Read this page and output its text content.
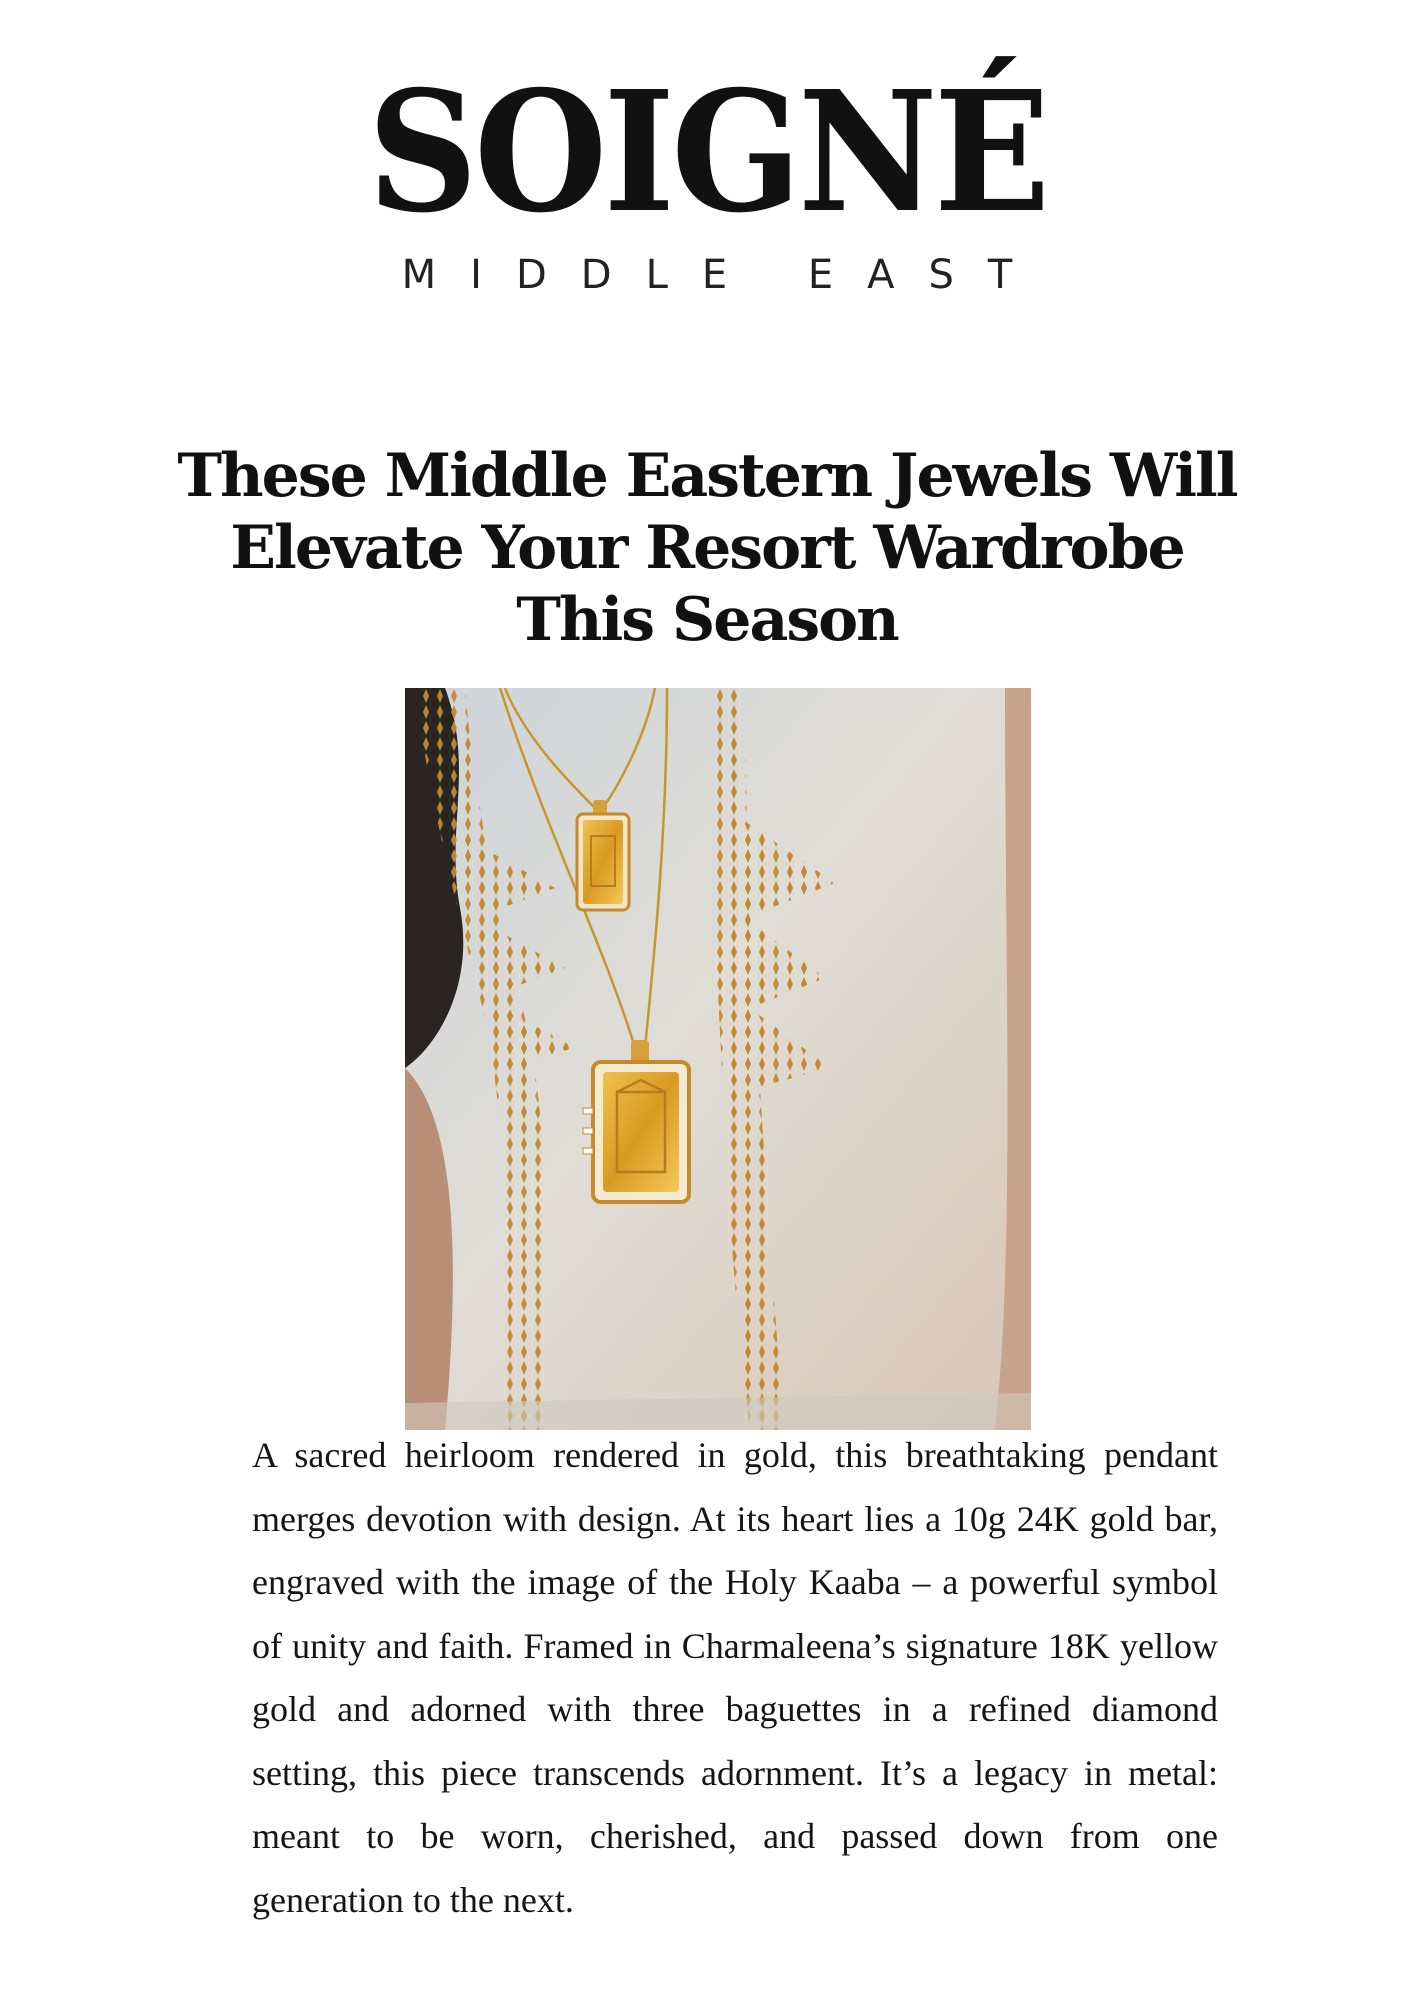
SOIGNÉ
MIDDLE EAST
These Middle Eastern Jewels Will Elevate Your Resort Wardrobe This Season

A sacred heirloom rendered in gold, this breathtaking pendant merges devotion with design. At its heart lies a 10g 24K gold bar, engraved with the image of the Holy Kaaba – a powerful symbol of unity and faith. Framed in Charmaleena’s signature 18K yellow gold and adorned with three baguettes in a refined diamond setting, this piece transcends adornment. It’s a legacy in metal: meant to be worn, cherished, and passed down from one generation to the next.
